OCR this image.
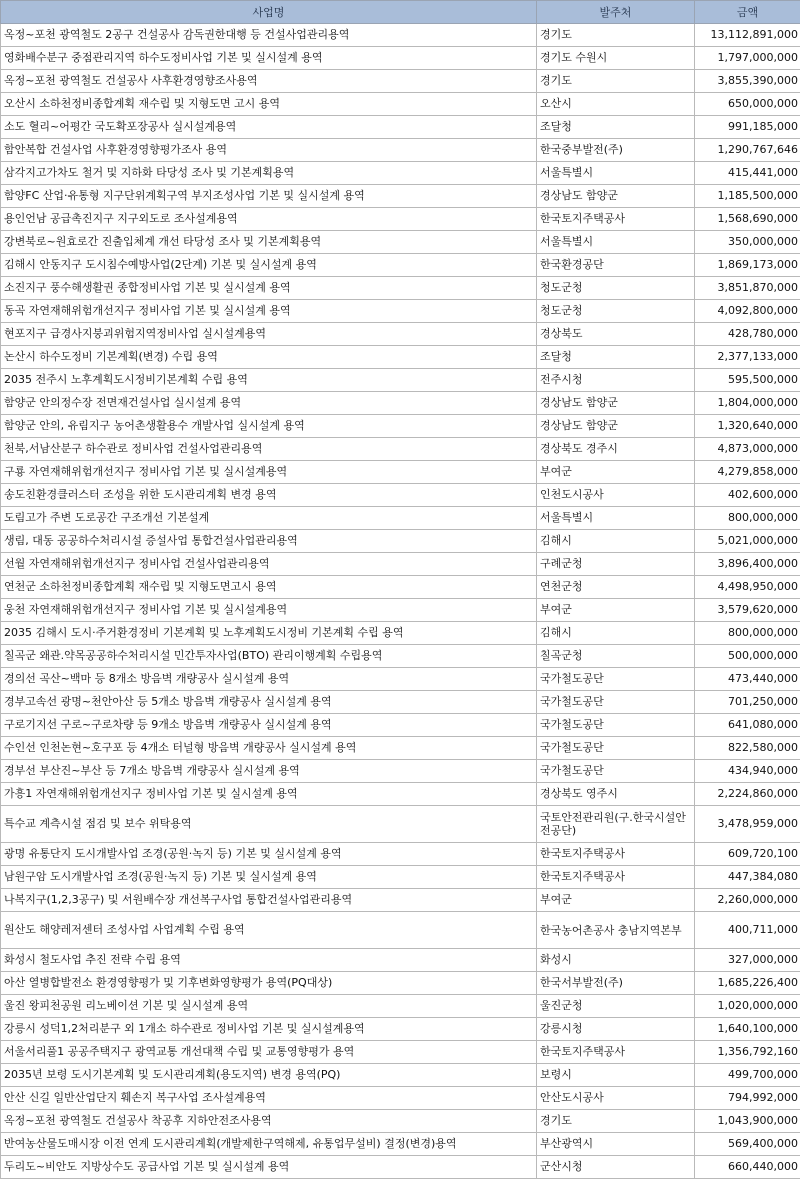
사업명	발주처	금액
옥정~포천 광역철도 2공구 건설공사 감독권한대행 등 건설사업관리용역	경기도	13,112,891,000
영화배수분구 중점관리지역 하수도정비사업 기본 및 실시설계 용역	경기도 수원시	1,797,000,000
옥정~포천 광역철도 건설공사 사후환경영향조사용역	경기도	3,855,390,000
오산시 소하천정비종합계획 재수립 및 지형도면 고시 용역	오산시	650,000,000
소도 혈리~어평간 국도확포장공사 실시설계용역	조달청	991,185,000
함안복합 건설사업 사후환경영향평가조사 용역	한국중부발전(주)	1,290,767,646
삼각지고가차도 철거 및 지하화 타당성 조사 및 기본계획용역	서울특별시	415,441,000
함양FC 산업·유통형 지구단위계획구역 부지조성사업 기본 및 실시설계 용역	경상남도 함양군	1,185,500,000
용인언남 공급촉진지구 지구외도로 조사설계용역	한국토지주택공사	1,568,690,000
강변북로~원효로간 진출입체계 개선 타당성 조사 및 기본계획용역	서울특별시	350,000,000
김해시 안동지구 도시침수예방사업(2단계) 기본 및 실시설계 용역	한국환경공단	1,869,173,000
소진지구 풍수해생활권 종합정비사업 기본 및 실시설계 용역	청도군청	3,851,870,000
동곡 자연재해위험개선지구 정비사업 기본 및 실시설계 용역	청도군청	4,092,800,000
현포지구 급경사지붕괴위험지역정비사업 실시설계용역	경상북도	428,780,000
논산시 하수도정비 기본계획(변경) 수립 용역	조달청	2,377,133,000
2035 전주시 노후계획도시정비기본계획 수립 용역	전주시청	595,500,000
함양군 안의정수장 전면재건설사업 실시설계 용역	경상남도 함양군	1,804,000,000
함양군 안의, 유림지구 농어촌생활용수 개발사업 실시설계 용역	경상남도 함양군	1,320,640,000
천북,서남산분구 하수관로 정비사업 건설사업관리용역	경상북도 경주시	4,873,000,000
구룡 자연재해위험개선지구 정비사업 기본 및 실시설계용역	부여군	4,279,858,000
송도친환경클러스터 조성을 위한 도시관리계획 변경 용역	인천도시공사	402,600,000
도림고가 주변 도로공간 구조개선 기본설계	서울특별시	800,000,000
생림, 대동 공공하수처리시설 증설사업 통합건설사업관리용역	김해시	5,021,000,000
선월 자연재해위험개선지구 정비사업 건설사업관리용역	구례군청	3,896,400,000
연천군 소하천정비종합계획 재수립 및 지형도면고시 용역	연천군청	4,498,950,000
웅천 자연재해위험개선지구 정비사업 기본 및 실시설계용역	부여군	3,579,620,000
2035 김해시 도시·주거환경정비 기본계획 및 노후계획도시정비 기본계획 수립 용역	김해시	800,000,000
칠곡군 왜관.약목공공하수처리시설 민간투자사업(BTO) 관리이행계획 수립용역	칠곡군청	500,000,000
경의선 곡산~백마 등 8개소 방음벽 개량공사 실시설계 용역	국가철도공단	473,440,000
경부고속선 광명~천안아산 등 5개소 방음벽 개량공사 실시설계 용역	국가철도공단	701,250,000
구로기지선 구로~구로차량 등 9개소 방음벽 개량공사 실시설계 용역	국가철도공단	641,080,000
수인선 인천논현~호구포 등 4개소 터널형 방음벽 개량공사 실시설계 용역	국가철도공단	822,580,000
경부선 부산진~부산 등 7개소 방음벽 개량공사 실시설계 용역	국가철도공단	434,940,000
가흥1 자연재해위험개선지구 정비사업 기본 및 실시설계 용역	경상북도 영주시	2,224,860,000
특수교 계측시설 점검 및 보수 위탁용역	국토안전관리원(구.한국시설안전공단)	3,478,959,000
광명 유통단지 도시개발사업 조경(공원·녹지 등) 기본 및 실시설계 용역	한국토지주택공사	609,720,100
남원구암 도시개발사업 조경(공원·녹지 등) 기본 및 실시설계 용역	한국토지주택공사	447,384,080
나복지구(1,2,3공구) 및 서원배수장 개선복구사업 통합건설사업관리용역	부여군	2,260,000,000
원산도 해양레저센터 조성사업 사업계획 수립 용역	한국농어촌공사 충남지역본부	400,711,000
화성시 철도사업 추진 전략 수립 용역	화성시	327,000,000
아산 열병합발전소 환경영향평가 및 기후변화영향평가 용역(PQ대상)	한국서부발전(주)	1,685,226,400
울진 왕피천공원 리노베이션 기본 및 실시설계 용역	울진군청	1,020,000,000
강릉시 성덕1,2처리분구 외 1개소 하수관로 정비사업 기본 및 실시설계용역	강릉시청	1,640,100,000
서울서리풀1 공공주택지구 광역교통 개선대책 수립 및 교통영향평가 용역	한국토지주택공사	1,356,792,160
2035년 보령 도시기본계획 및 도시관리계획(용도지역) 변경 용역(PQ)	보령시	499,700,000
안산 신길 일반산업단지 훼손지 복구사업 조사설계용역	안산도시공사	794,992,000
옥정~포천 광역철도 건설공사 착공후 지하안전조사용역	경기도	1,043,900,000
반여농산물도매시장 이전 연계 도시관리계획(개발제한구역해제, 유통업무설비) 결정(변경)용역	부산광역시	569,400,000
두리도~비안도 지방상수도 공급사업 기본 및 실시설계 용역	군산시청	660,440,000
